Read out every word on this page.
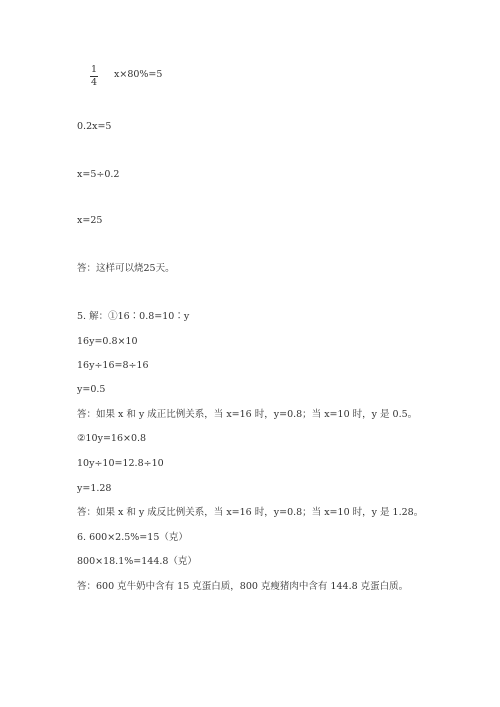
1
4
x×80%=5
0.2x=5
x=5÷0.2
x=25
答：这样可以烧25天。
5. 解：①16∶0.8=10∶y
16y=0.8×10
16y÷16=8÷16
y=0.5
答：如果 x 和 y 成正比例关系，当 x=16 时，y=0.8；当 x=10 时，y 是 0.5。
②10y=16×0.8
10y÷10=12.8÷10
y=1.28
答：如果 x 和 y 成反比例关系，当 x=16 时，y=0.8；当 x=10 时，y 是 1.28。
6. 600×2.5%=15（克）
800×18.1%=144.8（克）
答：600 克牛奶中含有 15 克蛋白质，800 克瘦猪肉中含有 144.8 克蛋白质。
